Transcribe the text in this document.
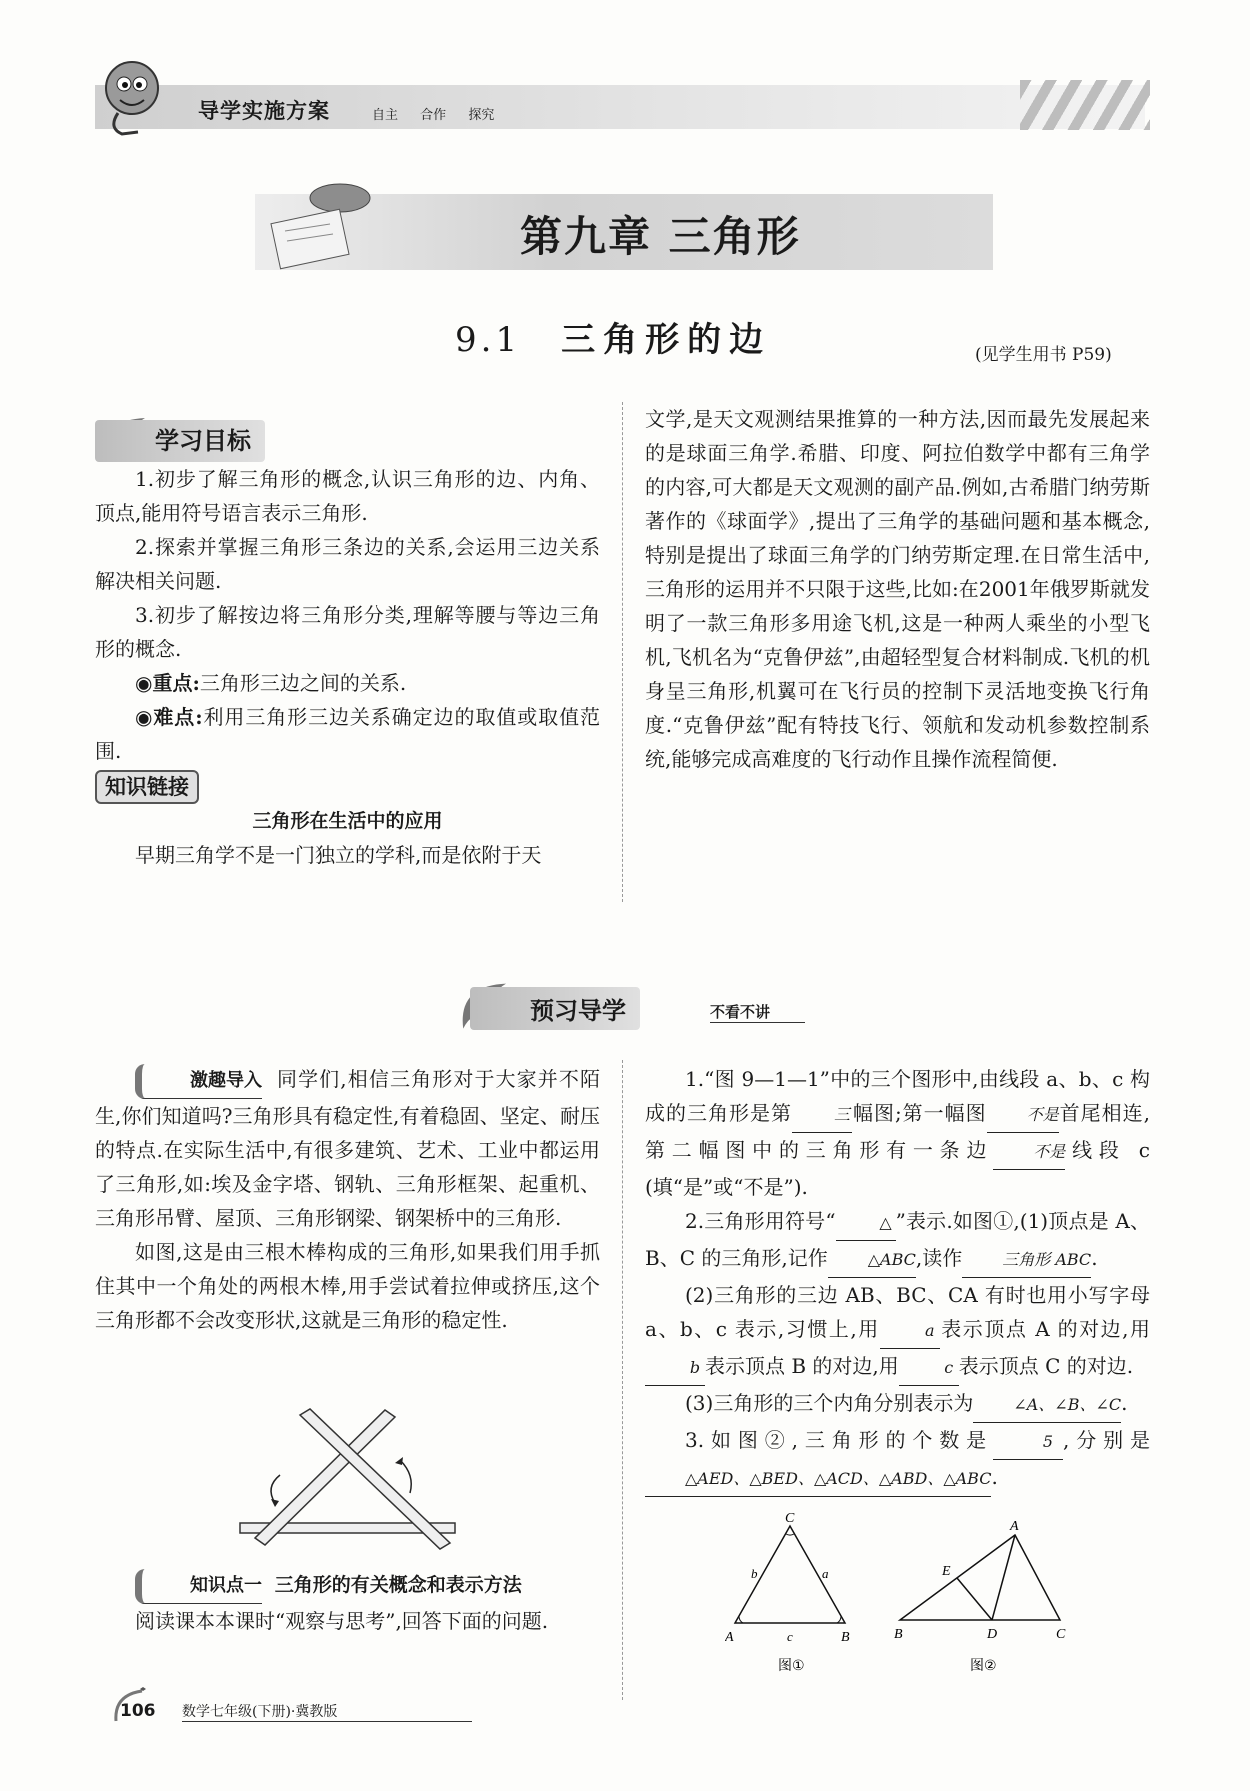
导学实施方案	自主 合作 探究
第九章 三角形
9.1 三角形的边	(见学生用书 P59)
学习目标

1.初步了解三角形的概念,认识三角形的边、内角、顶点,能用符号语言表示三角形.

2.探索并掌握三角形三条边的关系,会运用三边关系解决相关问题.

3.初步了解按边将三角形分类,理解等腰与等边三角形的概念.

◉重点:三角形三边之间的关系.

◉难点:利用三角形三边关系确定边的取值或取值范围.

知识链接

三角形在生活中的应用

早期三角学不是一门独立的学科,而是依附于天

文学,是天文观测结果推算的一种方法,因而最先发展起来的是球面三角学.希腊、印度、阿拉伯数学中都有三角学的内容,可大都是天文观测的副产品.例如,古希腊门纳劳斯著作的《球面学》,提出了三角学的基础问题和基本概念,特别是提出了球面三角学的门纳劳斯定理.在日常生活中,三角形的运用并不只限于这些,比如:在2001年俄罗斯就发明了一款三角形多用途飞机,这是一种两人乘坐的小型飞机,飞机名为“克鲁伊兹”,由超轻型复合材料制成.飞机的机身呈三角形,机翼可在飞行员的控制下灵活地变换飞行角度.“克鲁伊兹”配有特技飞行、领航和发动机参数控制系统,能够完成高难度的飞行动作且操作流程简便.

预习导学	不看不讲

激趣导入 同学们,相信三角形对于大家并不陌生,你们知道吗?三角形具有稳定性,有着稳固、坚定、耐压的特点.在实际生活中,有很多建筑、艺术、工业中都运用了三角形,如:埃及金字塔、钢轨、三角形框架、起重机、三角形吊臂、屋顶、三角形钢梁、钢架桥中的三角形.

如图,这是由三根木棒构成的三角形,如果我们用手抓住其中一个角处的两根木棒,用手尝试着拉伸或挤压,这个三角形都不会改变形状,这就是三角形的稳定性.

知识点一 三角形的有关概念和表示方法

阅读课本本课时“观察与思考”,回答下面的问题.

1.“图 9—1—1”中的三个图形中,由线段 a、b、c 构成的三角形是第	三 幅图;第一幅图	不是首尾相连,第二幅图中的三角形有一条边	不是线段 c (填“是”或“不是”).

2.三角形用符号“	△ ”表示.如图①,(1)顶点是 A、B、C 的三角形,记作	△ABC,读作	三角形 ABC.

(2)三角形的三边 AB、BC、CA 有时也用小写字母 a、b、c 表示,习惯上,用	a 表示顶点 A 的对边,用b 表示顶点 B 的对边,用	c 表示顶点 C 的对边.

(3)三角形的三个内角分别表示为	∠A、∠B、∠C.

3.如图②,三角形的个数是	5 ,分别是△AED、△BED、△ACD、△ABD、△ABC.

C
A	B
b	a
c
图①
A
E
B	D	C
图②
106 数学七年级(下册)·冀教版
